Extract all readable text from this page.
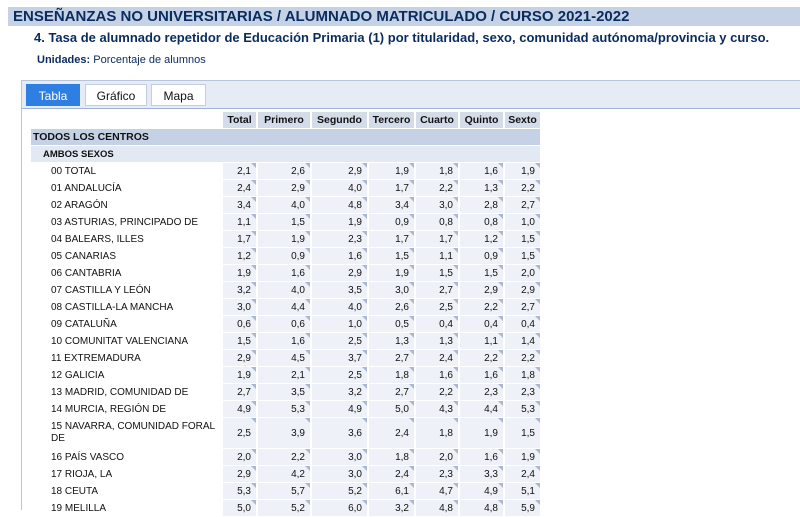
ENSEÑANZAS NO UNIVERSITARIAS / ALUMNADO MATRICULADO / CURSO 2021-2022
4. Tasa de alumnado repetidor de Educación Primaria (1) por titularidad, sexo, comunidad autónoma/provincia y curso.
Unidades: Porcentaje de alumnos
Tabla	Gráfico	Mapa
	Total	Primero	Segundo	Tercero	Cuarto	Quinto	Sexto
TODOS LOS CENTROS							
AMBOS SEXOS							
00 TOTAL	2,1	2,6	2,9	1,9	1,8	1,6	1,9
01 ANDALUCÍA	2,4	2,9	4,0	1,7	2,2	1,3	2,2
02 ARAGÓN	3,4	4,0	4,8	3,4	3,0	2,8	2,7
03 ASTURIAS, PRINCIPADO DE	1,1	1,5	1,9	0,9	0,8	0,8	1,0
04 BALEARS, ILLES	1,7	1,9	2,3	1,7	1,7	1,2	1,5
05 CANARIAS	1,2	0,9	1,6	1,5	1,1	0,9	1,5
06 CANTABRIA	1,9	1,6	2,9	1,9	1,5	1,5	2,0
07 CASTILLA Y LEÓN	3,2	4,0	3,5	3,0	2,7	2,9	2,9
08 CASTILLA-LA MANCHA	3,0	4,4	4,0	2,6	2,5	2,2	2,7
09 CATALUÑA	0,6	0,6	1,0	0,5	0,4	0,4	0,4
10 COMUNITAT VALENCIANA	1,5	1,6	2,5	1,3	1,3	1,1	1,4
11 EXTREMADURA	2,9	4,5	3,7	2,7	2,4	2,2	2,2
12 GALICIA	1,9	2,1	2,5	1,8	1,6	1,6	1,8
13 MADRID, COMUNIDAD DE	2,7	3,5	3,2	2,7	2,2	2,3	2,3
14 MURCIA, REGIÓN DE	4,9	5,3	4,9	5,0	4,3	4,4	5,3
15 NAVARRA, COMUNIDAD FORAL DE	2,5	3,9	3,6	2,4	1,8	1,9	1,5
16 PAÍS VASCO	2,0	2,2	3,0	1,8	2,0	1,6	1,9
17 RIOJA, LA	2,9	4,2	3,0	2,4	2,3	3,3	2,4
18 CEUTA	5,3	5,7	5,2	6,1	4,7	4,9	5,1
19 MELILLA	5,0	5,2	6,0	3,2	4,8	4,8	5,9
